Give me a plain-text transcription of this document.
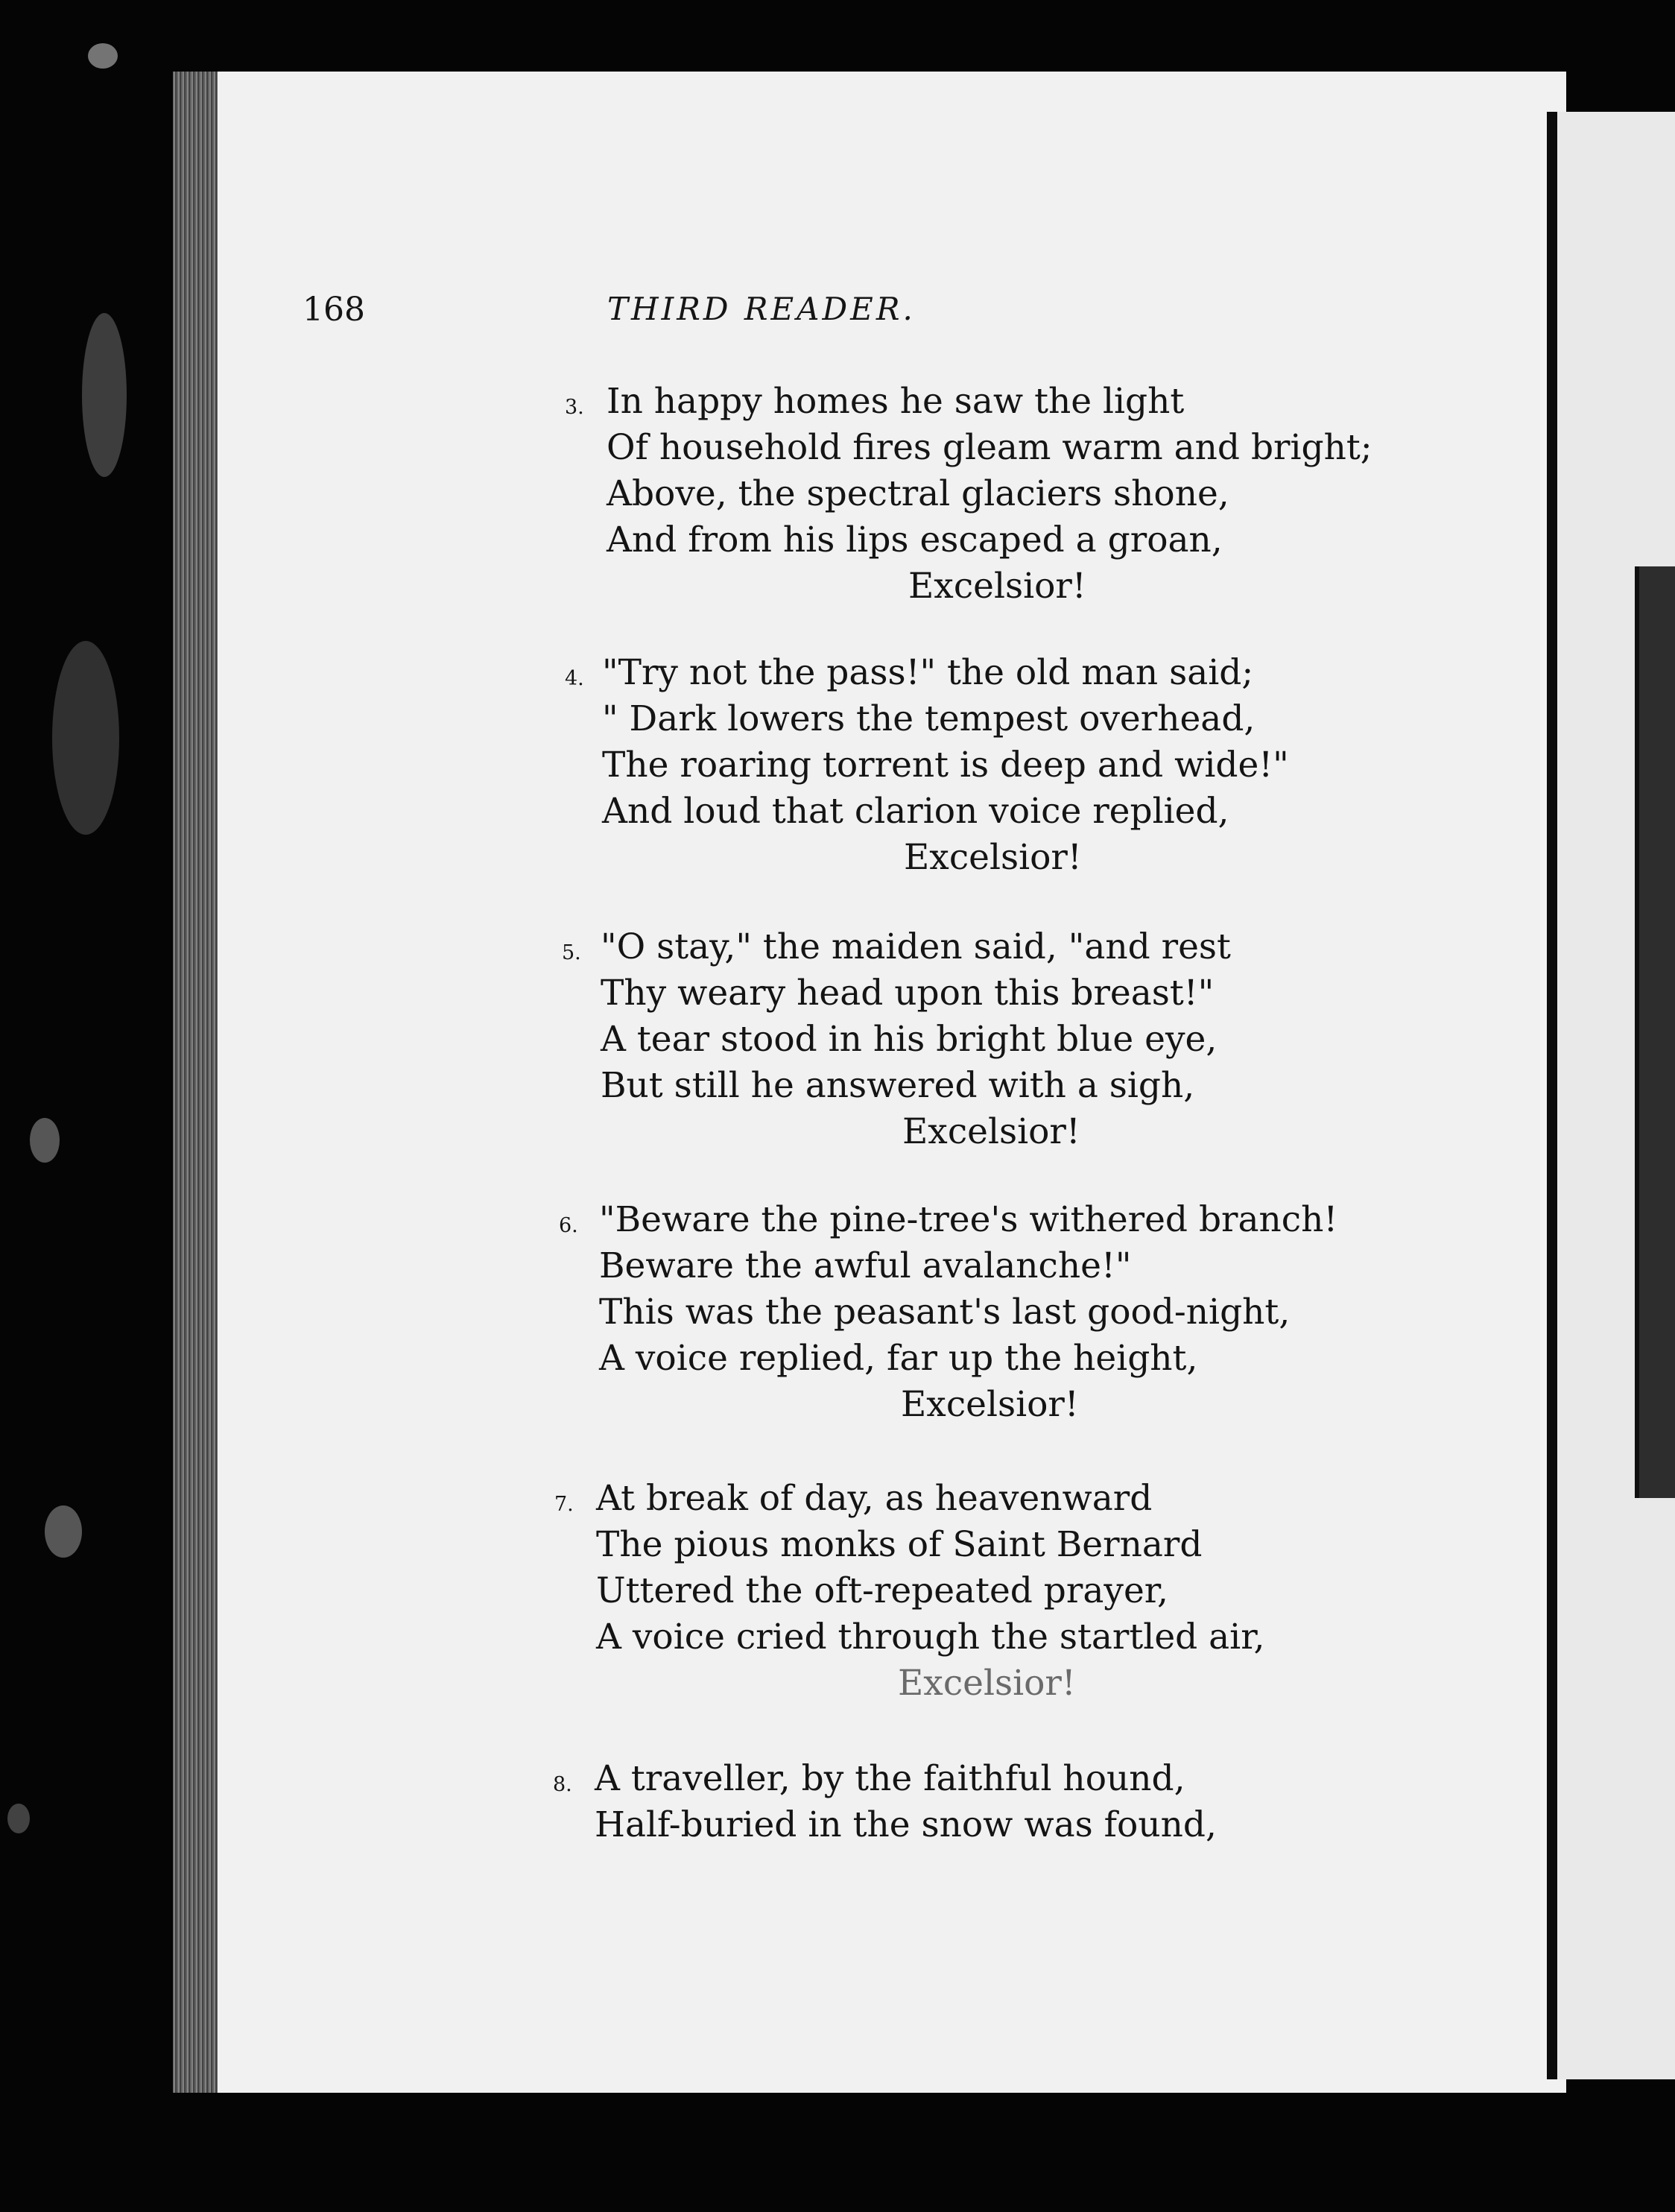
168	THIRD READER.
3. In happy homes he saw the light
Of household fires gleam warm and bright;
Above, the spectral glaciers shone,
And from his lips escaped a groan,
Excelsior!
4. "Try not the pass!" the old man said;
" Dark lowers the tempest overhead,
The roaring torrent is deep and wide!"
And loud that clarion voice replied,
Excelsior!
5. "O stay," the maiden said, "and rest
Thy weary head upon this breast!"
A tear stood in his bright blue eye,
But still he answered with a sigh,
Excelsior!
6. "Beware the pine-tree's withered branch!
Beware the awful avalanche!"
This was the peasant's last good-night,
A voice replied, far up the height,
Excelsior!
7. At break of day, as heavenward
The pious monks of Saint Bernard
Uttered the oft-repeated prayer,
A voice cried through the startled air,
Excelsior!
8. A traveller, by the faithful hound,
Half-buried in the snow was found,
